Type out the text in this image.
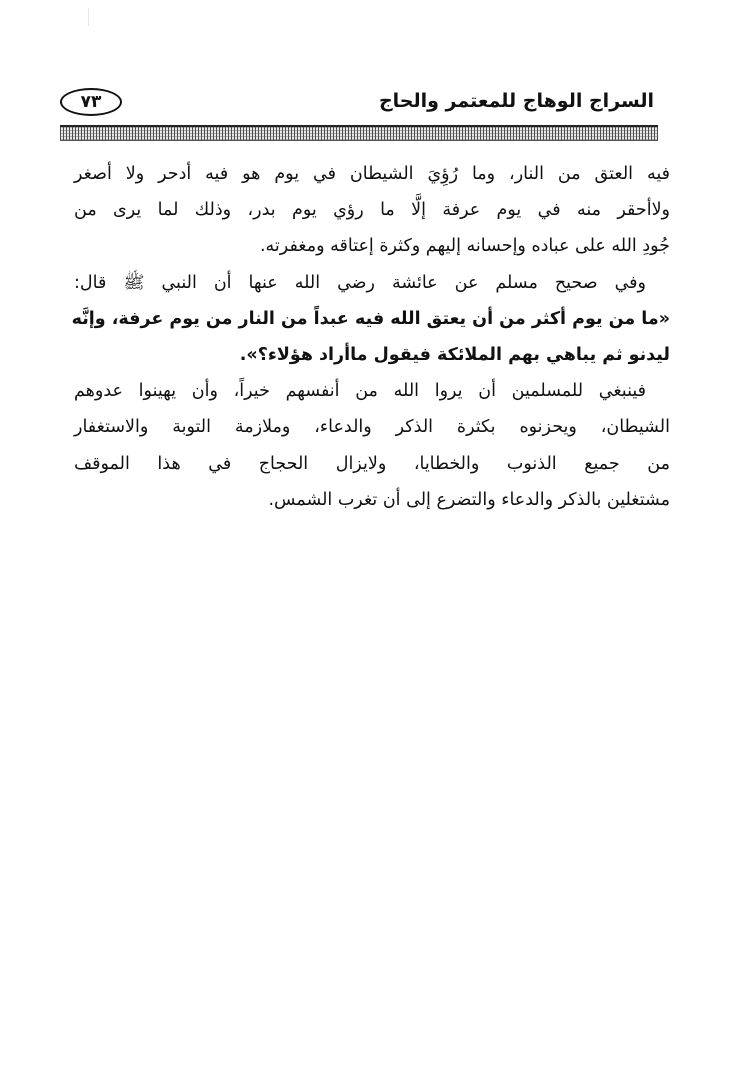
٧٣	السراج الوهاج للمعتمر والحاج
فيه العتق من النار، وما رُؤِيَ الشيطان في يوم هو فيه أدحر ولا أصغر
ولاأحقر منه في يوم عرفة إلَّا ما رؤي يوم بدر، وذلك لما يرى من
جُودِ الله على عباده وإحسانه إليهم وكثرة إعتاقه ومغفرته.
وفي صحيح مسلم عن عائشة رضي الله عنها أن النبي ﷺ قال:
«ما من يوم أكثر من أن يعتق الله فيه عبداً من النار من يوم عرفة، وإنَّه
ليدنو ثم يباهي بهم الملائكة فيقول ماأراد هؤلاء؟».
فينبغي للمسلمين أن يروا الله من أنفسهم خيراً، وأن يهينوا عدوهم
الشيطان، ويحزنوه بكثرة الذكر والدعاء، وملازمة التوبة والاستغفار
من جميع الذنوب والخطايا، ولايزال الحجاج في هذا الموقف
مشتغلين بالذكر والدعاء والتضرع إلى أن تغرب الشمس.
